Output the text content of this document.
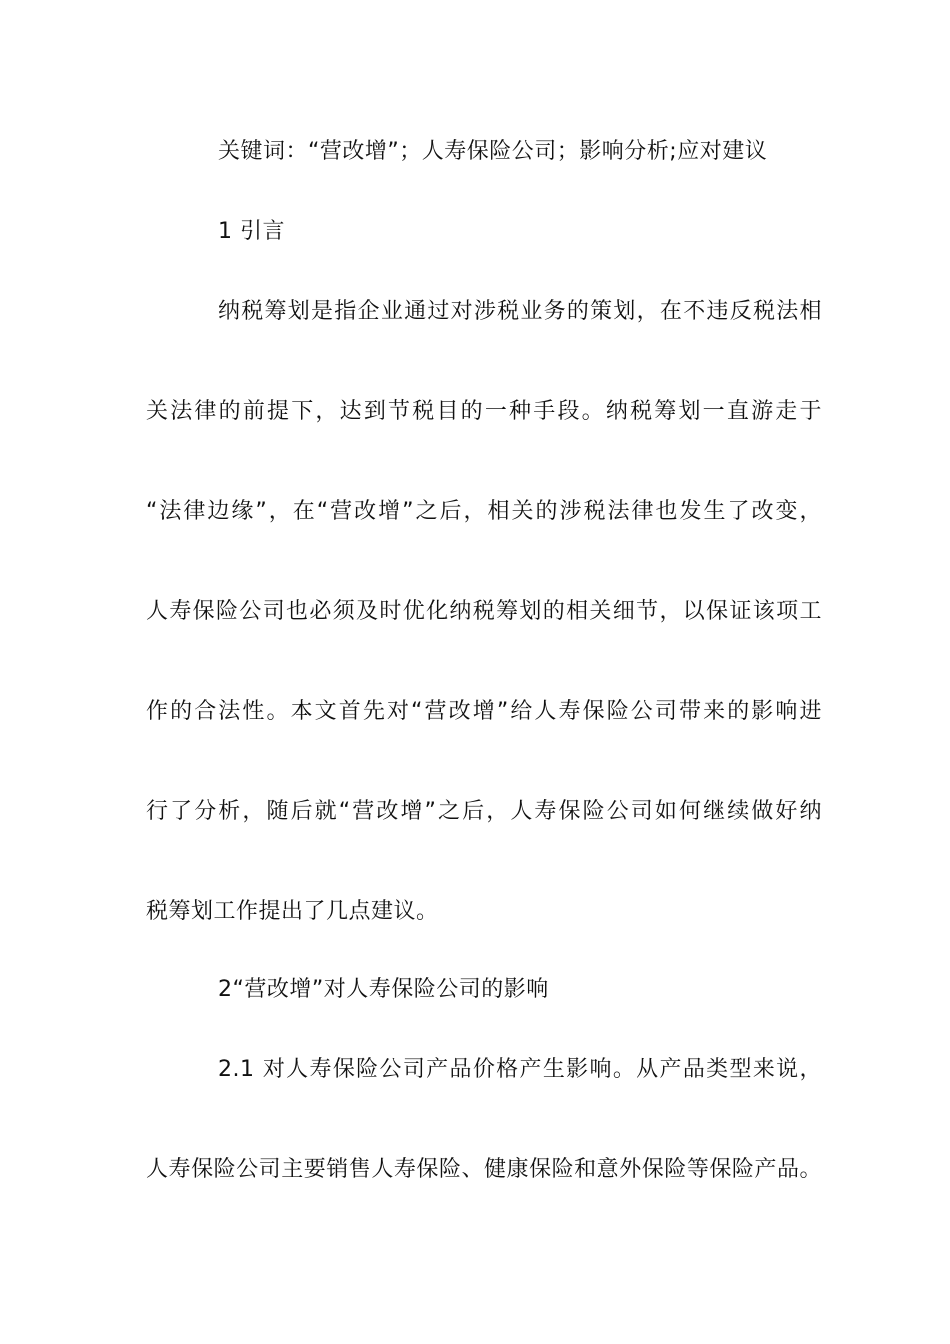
关键词：“营改增”；人寿保险公司；影响分析;应对建议
1 引言
纳税筹划是指企业通过对涉税业务的策划，在不违反税法相
关法律的前提下，达到节税目的一种手段。纳税筹划一直游走于
“法律边缘”，在“营改增”之后，相关的涉税法律也发生了改变，
人寿保险公司也必须及时优化纳税筹划的相关细节，以保证该项工
作的合法性。本文首先对“营改增”给人寿保险公司带来的影响进
行了分析，随后就“营改增”之后，人寿保险公司如何继续做好纳
税筹划工作提出了几点建议。
2“营改增”对人寿保险公司的影响
2.1 对人寿保险公司产品价格产生影响。从产品类型来说，
人寿保险公司主要销售人寿保险、健康保险和意外保险等保险产品。
